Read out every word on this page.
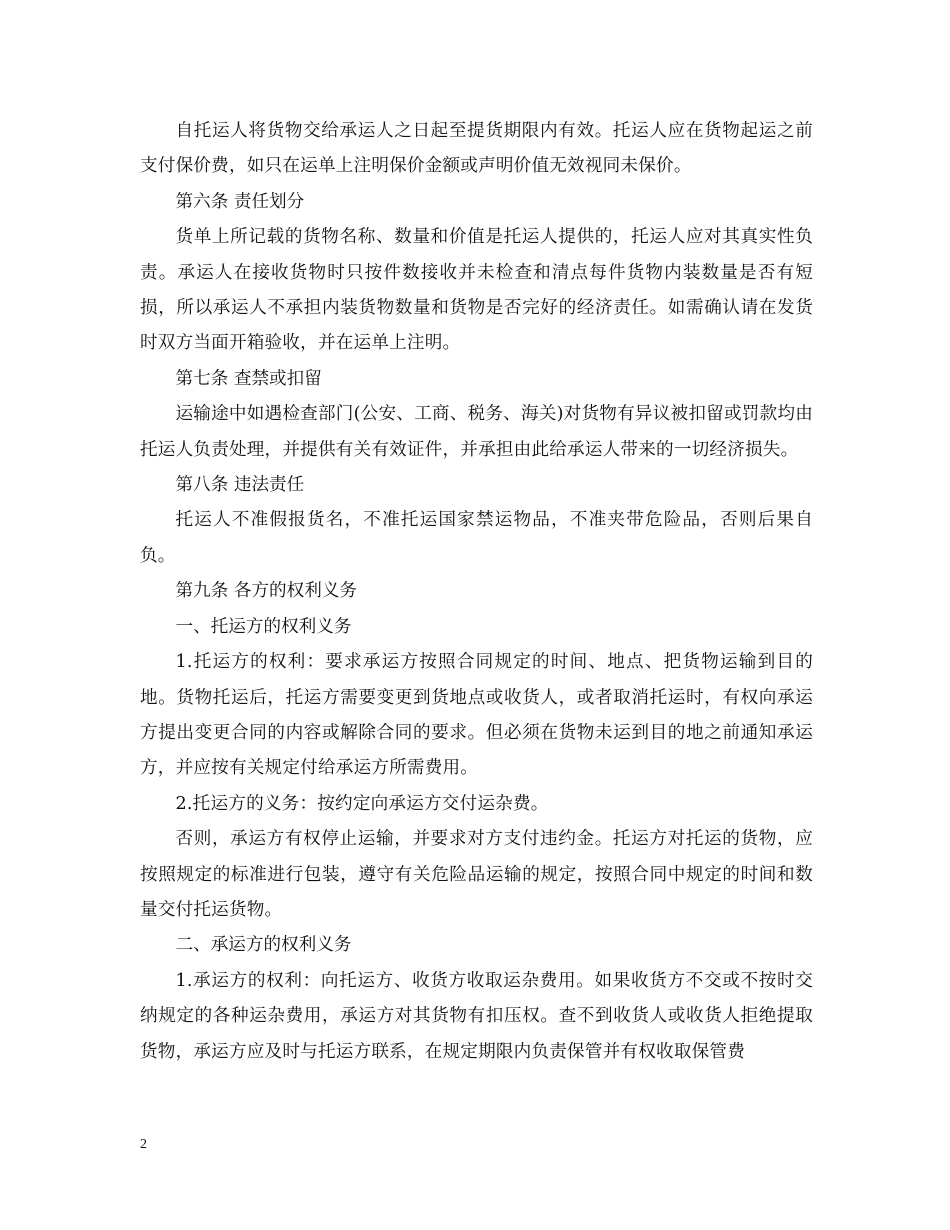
自托运人将货物交给承运人之日起至提货期限内有效。托运人应在货物起运之前支付保价费，如只在运单上注明保价金额或声明价值无效视同未保价。

第六条 责任划分

货单上所记载的货物名称、数量和价值是托运人提供的，托运人应对其真实性负责。承运人在接收货物时只按件数接收并未检查和清点每件货物内装数量是否有短损，所以承运人不承担内装货物数量和货物是否完好的经济责任。如需确认请在发货时双方当面开箱验收，并在运单上注明。

第七条 查禁或扣留

运输途中如遇检查部门(公安、工商、税务、海关)对货物有异议被扣留或罚款均由托运人负责处理，并提供有关有效证件，并承担由此给承运人带来的一切经济损失。

第八条 违法责任

托运人不准假报货名，不准托运国家禁运物品，不准夹带危险品，否则后果自负。

第九条 各方的权利义务

一、托运方的权利义务

1.托运方的权利：要求承运方按照合同规定的时间、地点、把货物运输到目的地。货物托运后，托运方需要变更到货地点或收货人，或者取消托运时，有权向承运方提出变更合同的内容或解除合同的要求。但必须在货物未运到目的地之前通知承运方，并应按有关规定付给承运方所需费用。

2.托运方的义务：按约定向承运方交付运杂费。

否则，承运方有权停止运输，并要求对方支付违约金。托运方对托运的货物，应按照规定的标准进行包装，遵守有关危险品运输的规定，按照合同中规定的时间和数量交付托运货物。

二、承运方的权利义务

1.承运方的权利：向托运方、收货方收取运杂费用。如果收货方不交或不按时交纳规定的各种运杂费用，承运方对其货物有扣压权。查不到收货人或收货人拒绝提取货物，承运方应及时与托运方联系，在规定期限内负责保管并有权收取保管费

2
